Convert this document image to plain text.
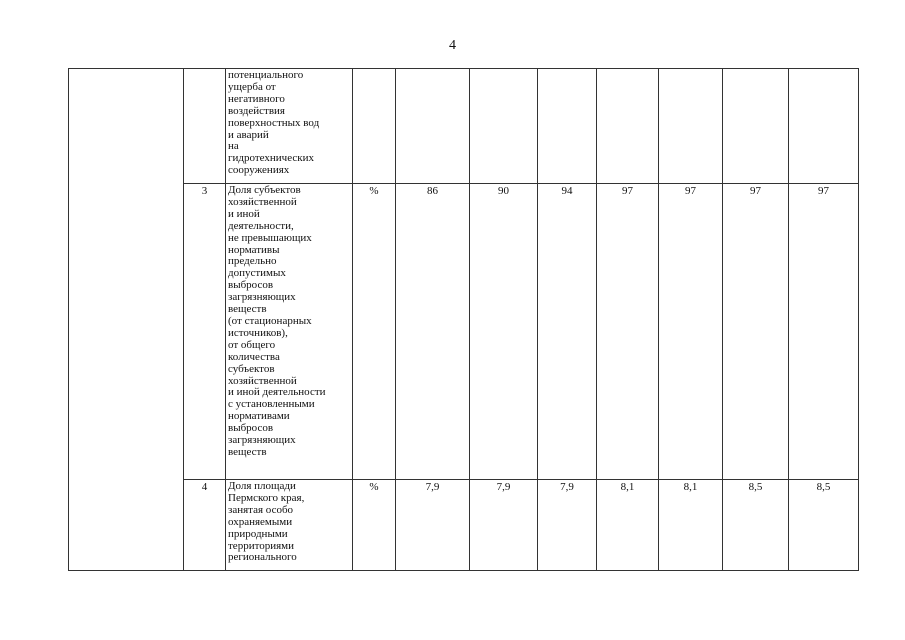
4
потенциального
ущерба от
негативного
воздействия
поверхностных вод
и аварий
на
гидротехнических
сооружениях
3	Доля субъектов
хозяйственной
и иной
деятельности,
не превышающих
нормативы
предельно
допустимых
выбросов
загрязняющих
веществ
(от стационарных
источников),
от общего
количества
субъектов
хозяйственной
и иной деятельности
с установленными
нормативами
выбросов
загрязняющих
веществ
%	86	90	94	97	97	97	97
4	Доля площади
Пермского края,
занятая особо
охраняемыми
природными
территориями
регионального
%	7,9	7,9	7,9	8,1	8,1	8,5	8,5
